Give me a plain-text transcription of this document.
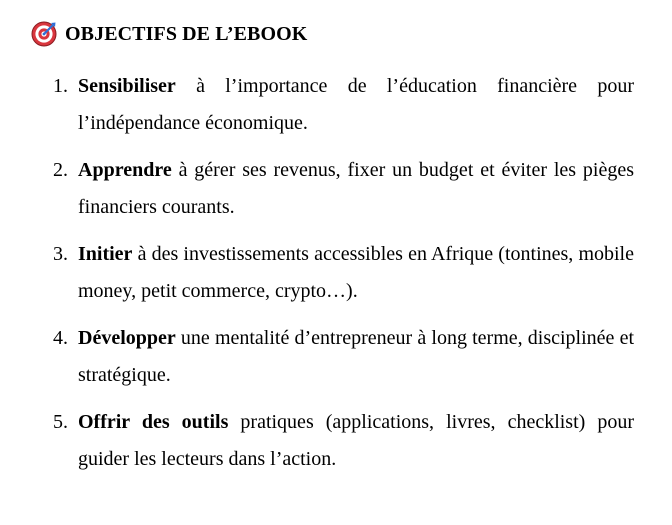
OBJECTIFS DE L’EBOOK
1. Sensibiliser à l’importance de l’éducation financière pour l’indépendance économique.
2. Apprendre à gérer ses revenus, fixer un budget et éviter les pièges financiers courants.
3. Initier à des investissements accessibles en Afrique (tontines, mobile money, petit commerce, crypto…).
4. Développer une mentalité d’entrepreneur à long terme, disciplinée et stratégique.
5. Offrir des outils pratiques (applications, livres, checklist) pour guider les lecteurs dans l’action.
